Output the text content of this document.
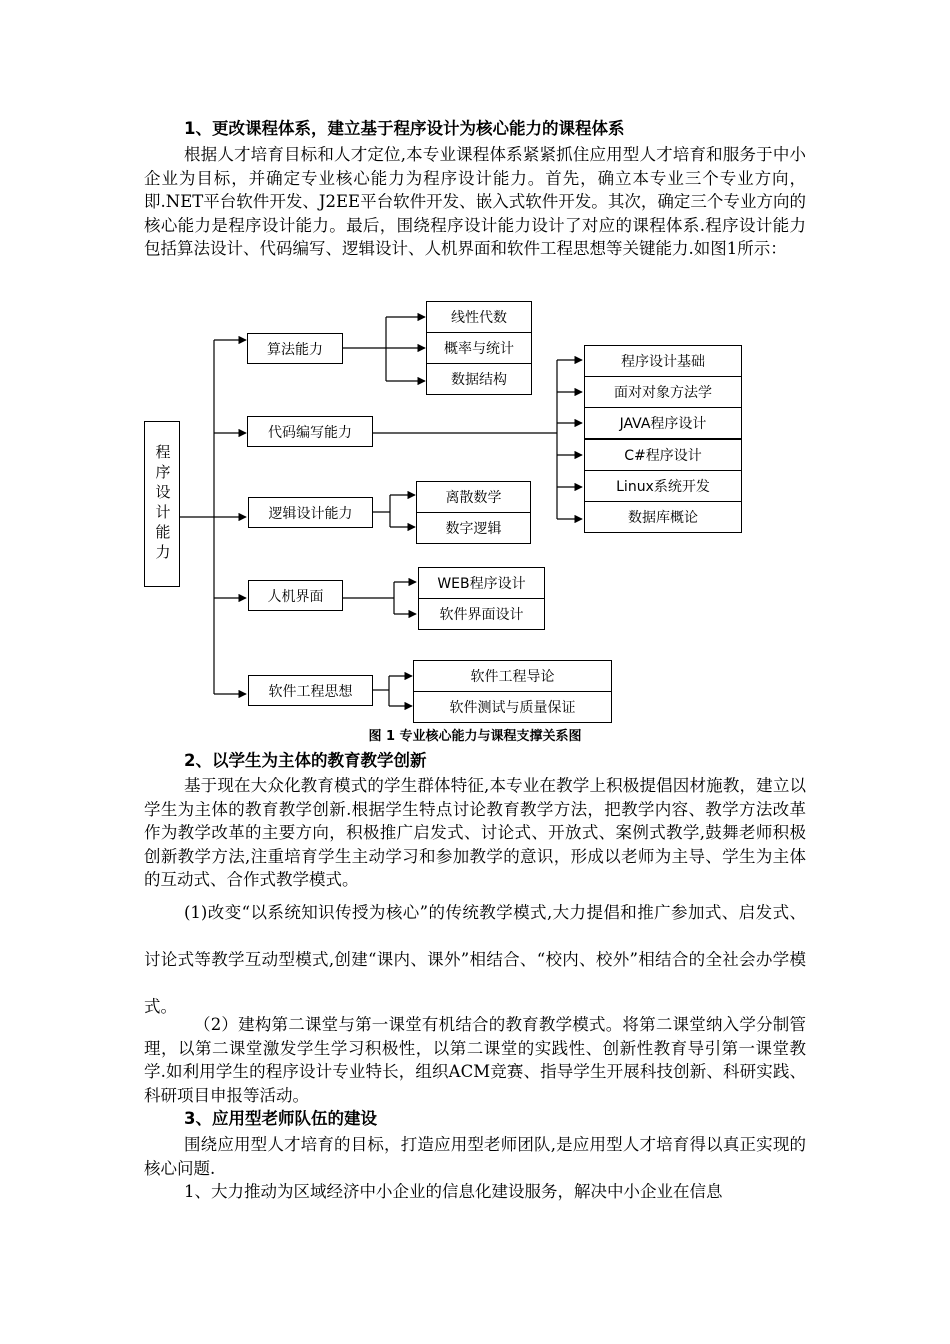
1、更改课程体系，建立基于程序设计为核心能力的课程体系

根据人才培育目标和人才定位,本专业课程体系紧紧抓住应用型人才培育和服务于中小企业为目标，并确定专业核心能力为程序设计能力。首先，确立本专业三个专业方向，即.NET平台软件开发、J2EE平台软件开发、嵌入式软件开发。其次，确定三个专业方向的核心能力是程序设计能力。最后，围绕程序设计能力设计了对应的课程体系.程序设计能力包括算法设计、代码编写、逻辑设计、人机界面和软件工程思想等关键能力.如图1所示：

程序设计能力
算法能力
代码编写能力
逻辑设计能力
人机界面
软件工程思想
线性代数
概率与统计
数据结构
程序设计基础
面对对象方法学
JAVA程序设计
C#程序设计
Linux系统开发
数据库概论
离散数学
数字逻辑
WEB程序设计
软件界面设计
软件工程导论
软件测试与质量保证
图 1 专业核心能力与课程支撑关系图
2、以学生为主体的教育教学创新

基于现在大众化教育模式的学生群体特征,本专业在教学上积极提倡因材施教，建立以学生为主体的教育教学创新.根据学生特点讨论教育教学方法，把教学内容、教学方法改革作为教学改革的主要方向，积极推广启发式、讨论式、开放式、案例式教学,鼓舞老师积极创新教学方法,注重培育学生主动学习和参加教学的意识，形成以老师为主导、学生为主体的互动式、合作式教学模式。

(1)改变“以系统知识传授为核心”的传统教学模式,大力提倡和推广参加式、启发式、讨论式等教学互动型模式,创建“课内、课外”相结合、“校内、校外”相结合的全社会办学模式。

（2）建构第二课堂与第一课堂有机结合的教育教学模式。将第二课堂纳入学分制管理，以第二课堂激发学生学习积极性，以第二课堂的实践性、创新性教育导引第一课堂教学.如利用学生的程序设计专业特长，组织ACM竞赛、指导学生开展科技创新、科研实践、科研项目申报等活动。

3、应用型老师队伍的建设

围绕应用型人才培育的目标，打造应用型老师团队,是应用型人才培育得以真正实现的核心问题.

1、大力推动为区域经济中小企业的信息化建设服务，解决中小企业在信息
